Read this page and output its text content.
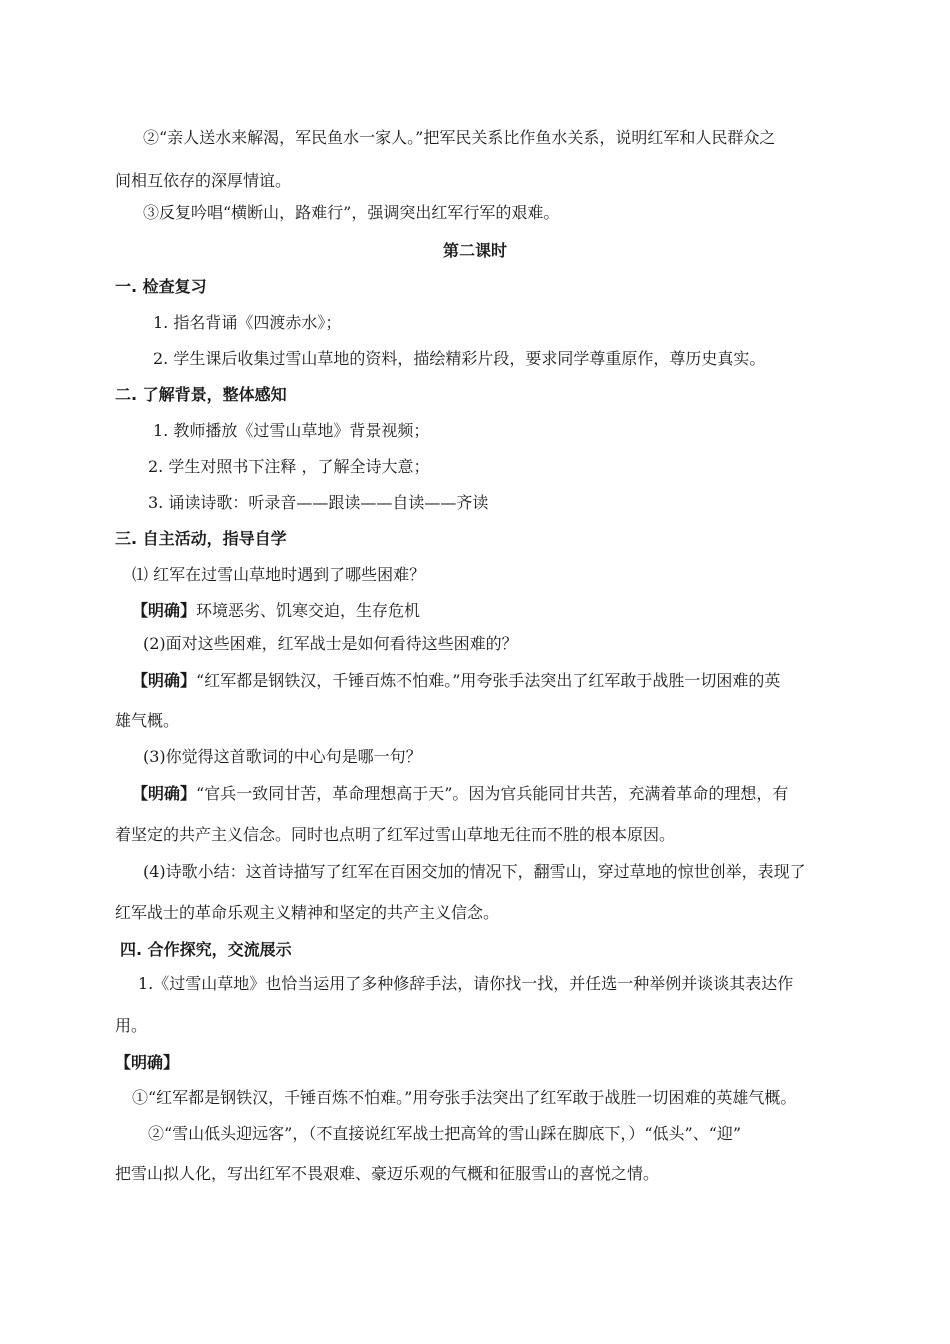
②“亲人送水来解渴，军民鱼水一家人。”把军民关系比作鱼水关系，说明红军和人民群众之
间相互依存的深厚情谊。
③反复吟唱“横断山，路难行”，强调突出红军行军的艰难。
第二课时
一. 检查复习
1. 指名背诵《四渡赤水》；
2. 学生课后收集过雪山草地的资料，描绘精彩片段，要求同学尊重原作，尊历史真实。
二. 了解背景，整体感知
1. 教师播放《过雪山草地》背景视频；
2. 学生对照书下注释 ，了解全诗大意；
3. 诵读诗歌：听录音——跟读——自读——齐读
三. 自主活动，指导自学
⑴ 红军在过雪山草地时遇到了哪些困难？
【明确】环境恶劣、饥寒交迫，生存危机
(2)面对这些困难，红军战士是如何看待这些困难的？
【明确】“红军都是钢铁汉，千锤百炼不怕难。”用夸张手法突出了红军敢于战胜一切困难的英
雄气概。
(3)你觉得这首歌词的中心句是哪一句？
【明确】“官兵一致同甘苦，革命理想高于天”。因为官兵能同甘共苦，充满着革命的理想，有
着坚定的共产主义信念。同时也点明了红军过雪山草地无往而不胜的根本原因。
(4)诗歌小结：这首诗描写了红军在百困交加的情况下，翻雪山，穿过草地的惊世创举，表现了
红军战士的革命乐观主义精神和坚定的共产主义信念。
四. 合作探究，交流展示
1.《过雪山草地》也恰当运用了多种修辞手法，请你找一找，并任选一种举例并谈谈其表达作
用。
【明确】
①“红军都是钢铁汉，千锤百炼不怕难。”用夸张手法突出了红军敢于战胜一切困难的英雄气概。
②“雪山低头迎远客”，（不直接说红军战士把高耸的雪山踩在脚底下，）“低头”、“迎”
把雪山拟人化，写出红军不畏艰难、豪迈乐观的气概和征服雪山的喜悦之情。
